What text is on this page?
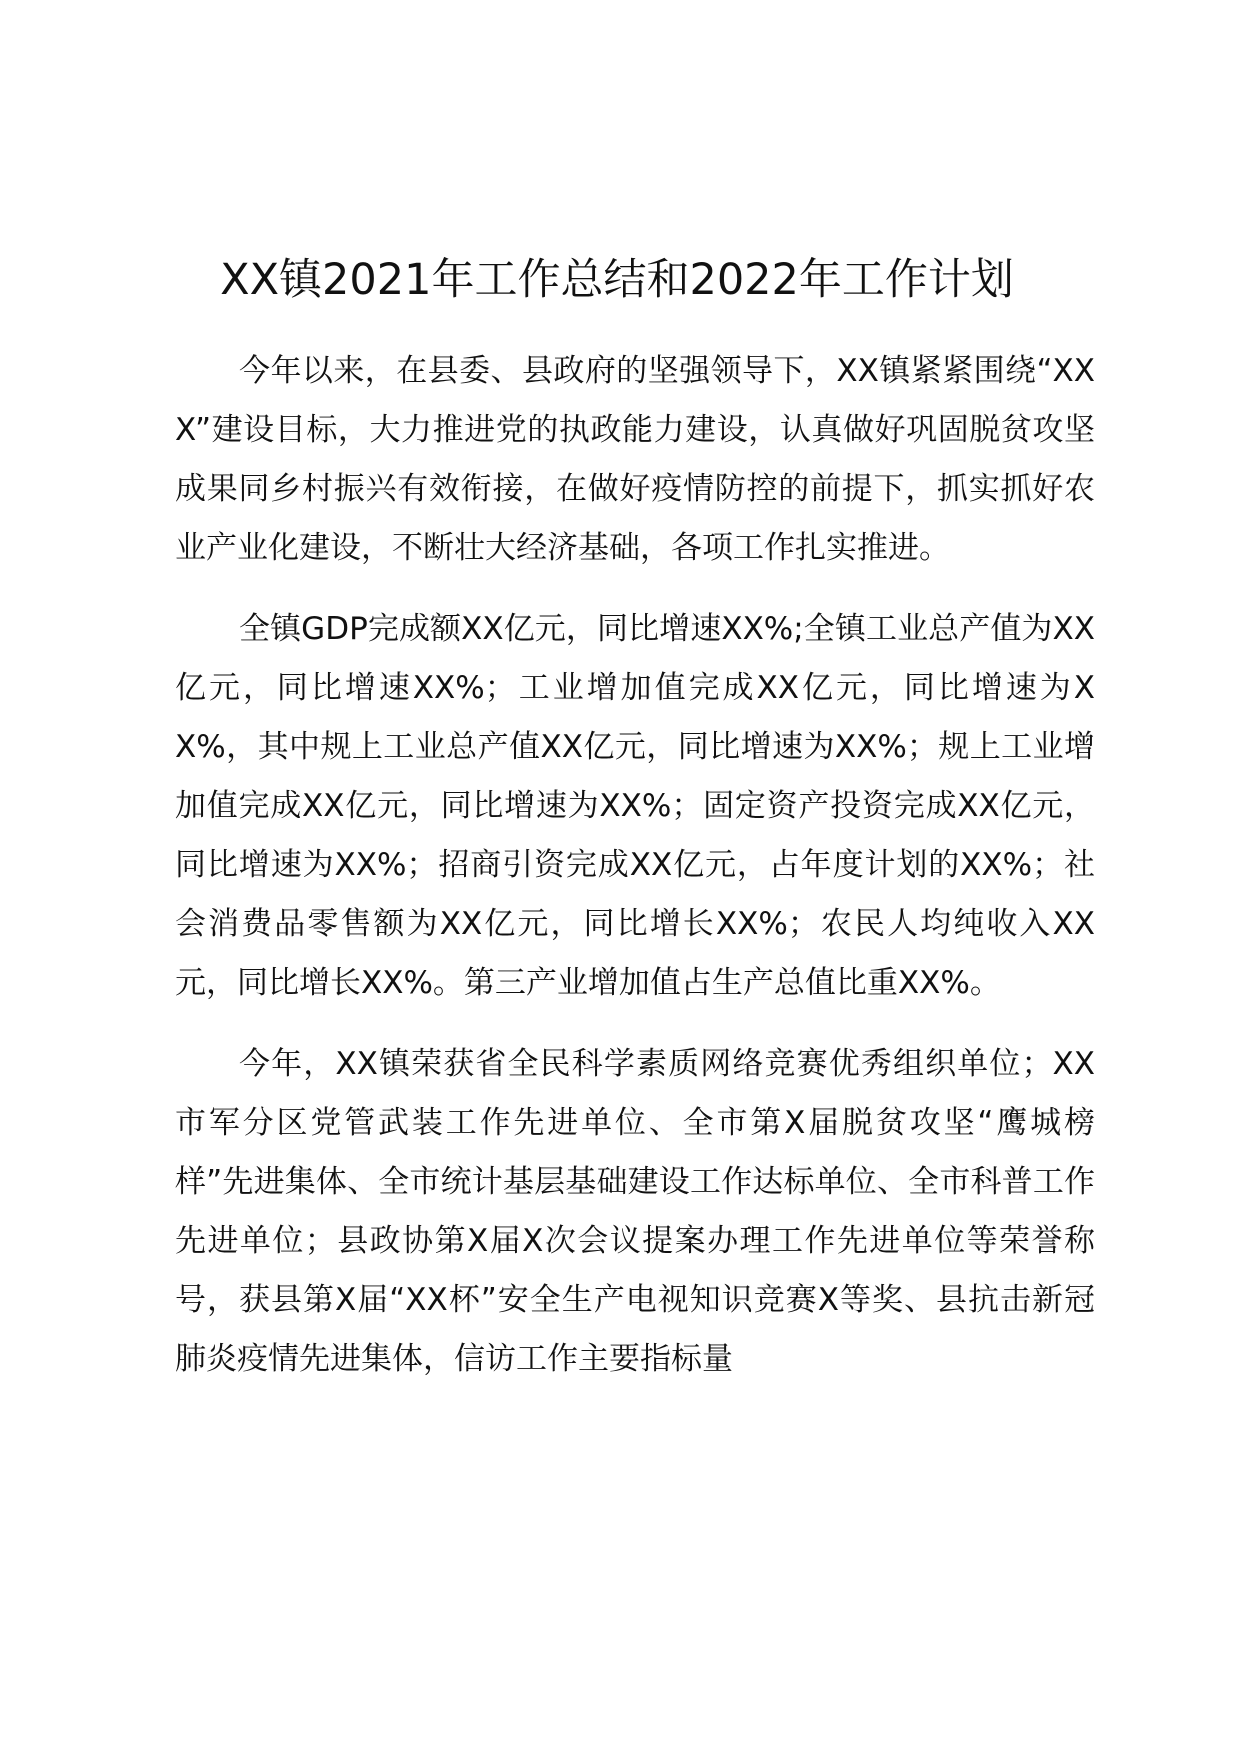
XX镇2021年工作总结和2022年工作计划

今年以来，在县委、县政府的坚强领导下，XX镇紧紧围绕“XXX”建设目标，大力推进党的执政能力建设，认真做好巩固脱贫攻坚成果同乡村振兴有效衔接，在做好疫情防控的前提下，抓实抓好农业产业化建设，不断壮大经济基础，各项工作扎实推进。

全镇GDP完成额XX亿元，同比增速XX%;全镇工业总产值为XX亿元，同比增速XX%；工业增加值完成XX亿元，同比增速为XX%，其中规上工业总产值XX亿元，同比增速为XX%；规上工业增加值完成XX亿元，同比增速为XX%；固定资产投资完成XX亿元，同比增速为XX%；招商引资完成XX亿元，占年度计划的XX%；社会消费品零售额为XX亿元，同比增长XX%；农民人均纯收入XX元，同比增长XX%。第三产业增加值占生产总值比重XX%。

今年，XX镇荣获省全民科学素质网络竞赛优秀组织单位；XX市军分区党管武装工作先进单位、全市第X届脱贫攻坚“鹰城榜样”先进集体、全市统计基层基础建设工作达标单位、全市科普工作先进单位；县政协第X届X次会议提案办理工作先进单位等荣誉称号，获县第X届“XX杯”安全生产电视知识竞赛X等奖、县抗击新冠肺炎疫情先进集体，信访工作主要指标量
